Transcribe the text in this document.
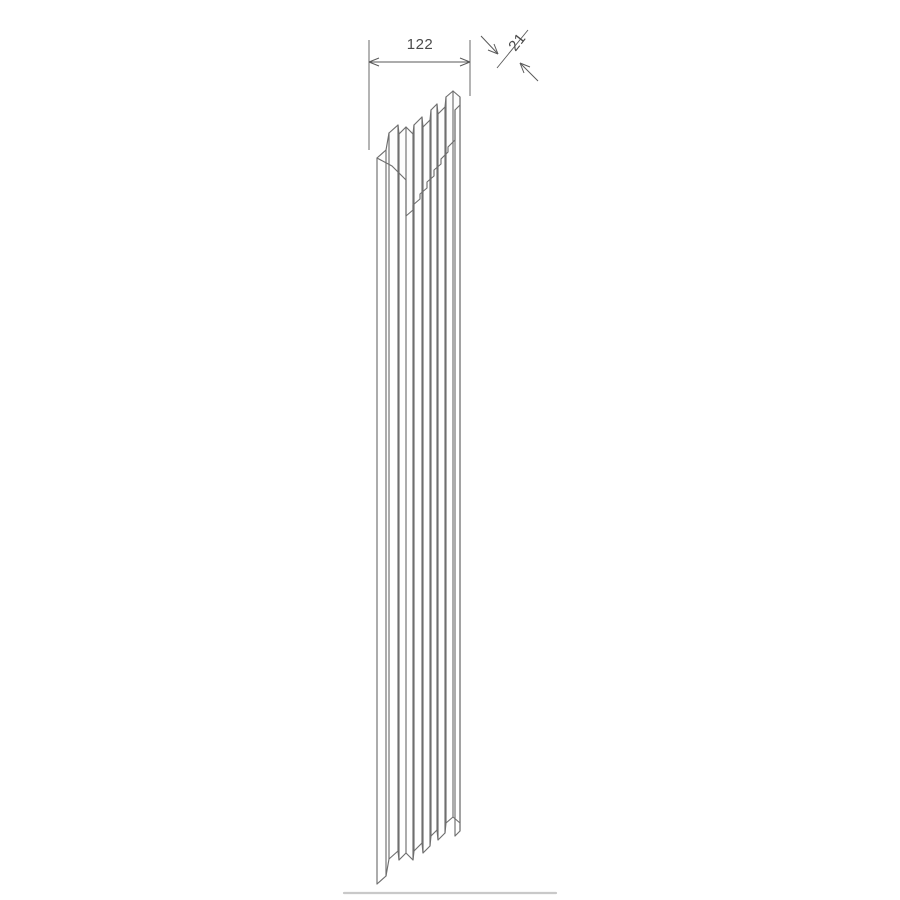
122	21
